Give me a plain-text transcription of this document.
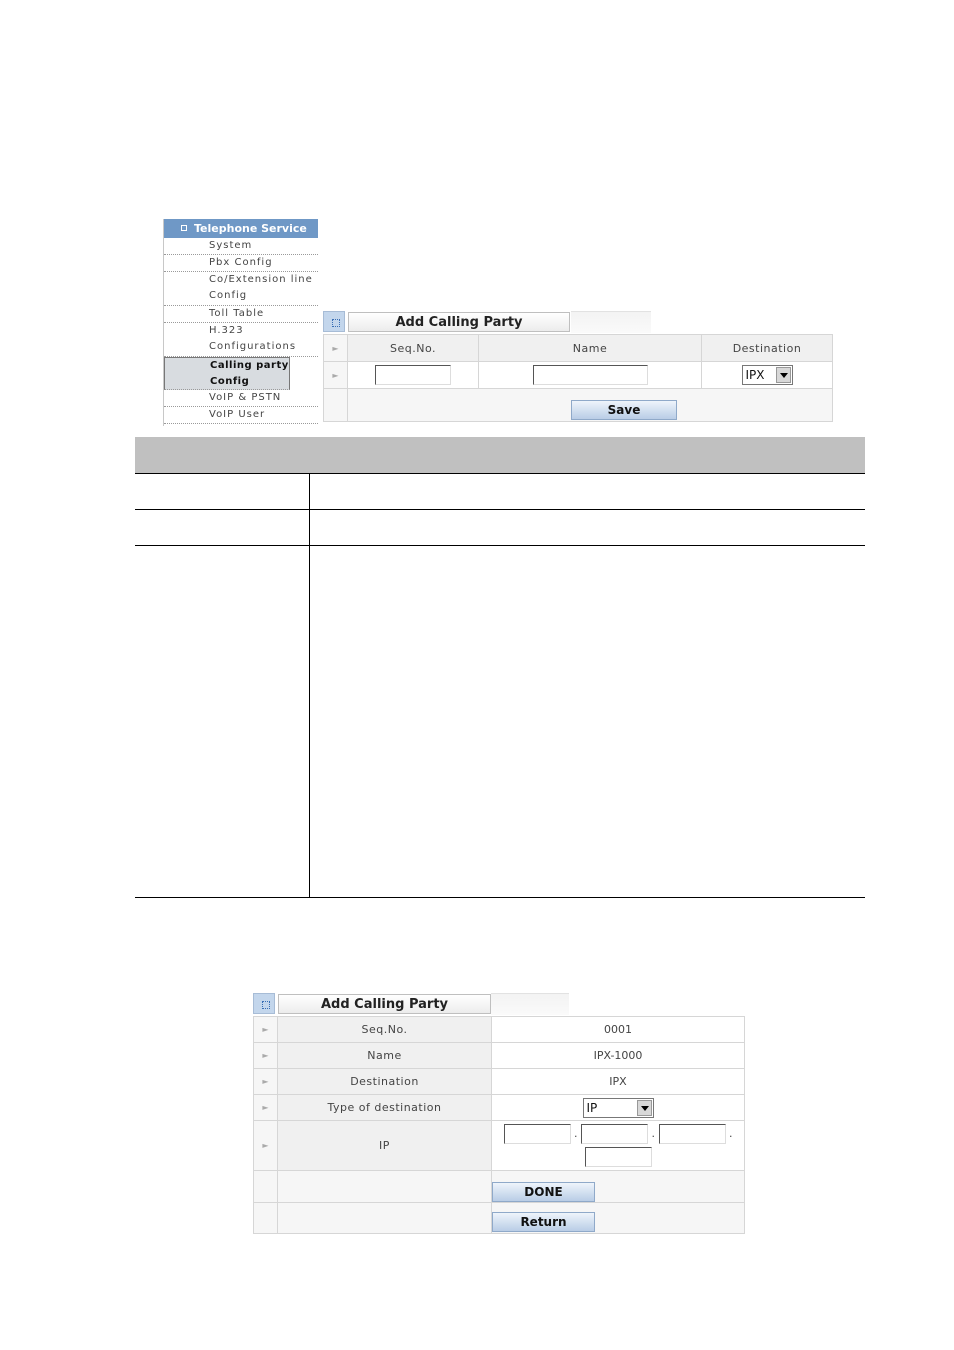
Telephone Service
System
Pbx Config
Co/Extension line
Config
Toll Table
H.323
Configurations
Calling party
Config
VoIP & PSTN
VoIP User
Add Calling Party
►	Seq.No.	Name	Destination
►			IPX

	Save		
Add Calling Party
►	Seq.No.	0001
►	Name	IPX-1000
►	Destination	IPX
►	Type of destination	IP

►	IP	. . .

		DONE
		Return
